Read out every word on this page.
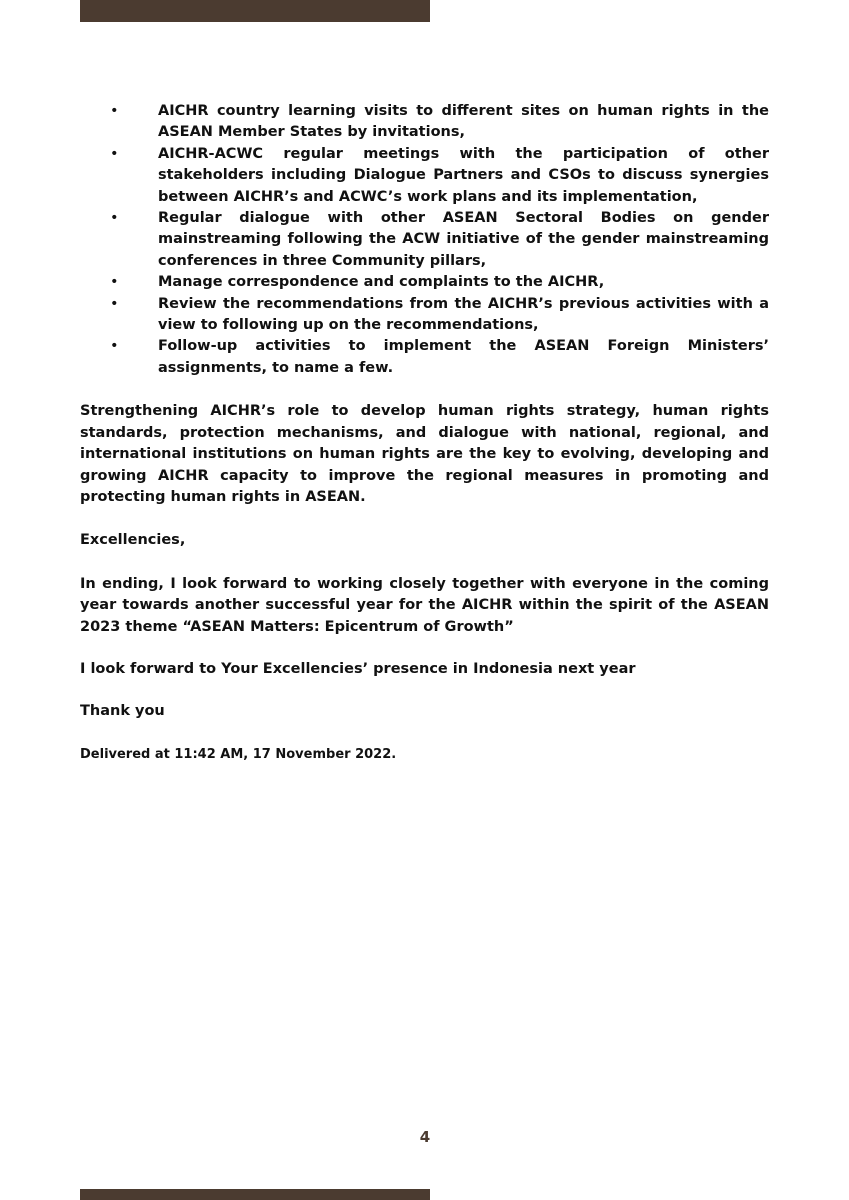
•	AICHR country learning visits to different sites on human rights in the ASEAN Member States by invitations,
•	AICHR-ACWC regular meetings with the participation of other stakeholders including Dialogue Partners and CSOs to discuss synergies between AICHR’s and ACWC’s work plans and its implementation,
•	Regular dialogue with other ASEAN Sectoral Bodies on gender mainstreaming following the ACW initiative of the gender mainstreaming conferences in three Community pillars,
•	Manage correspondence and complaints to the AICHR,
•	Review the recommendations from the AICHR’s previous activities with a view to following up on the recommendations,
•	Follow-up activities to implement the ASEAN Foreign Ministers’ assignments, to name a few.

Strengthening AICHR’s role to develop human rights strategy, human rights standards, protection mechanisms, and dialogue with national, regional, and international institutions on human rights are the key to evolving, developing and growing AICHR capacity to improve the regional measures in promoting and protecting human rights in ASEAN.

Excellencies,

In ending, I look forward to working closely together with everyone in the coming year towards another successful year for the AICHR within the spirit of the ASEAN 2023 theme “ASEAN Matters: Epicentrum of Growth”

I look forward to Your Excellencies’ presence in Indonesia next year

Thank you

Delivered at 11:42 AM, 17 November 2022.

4
